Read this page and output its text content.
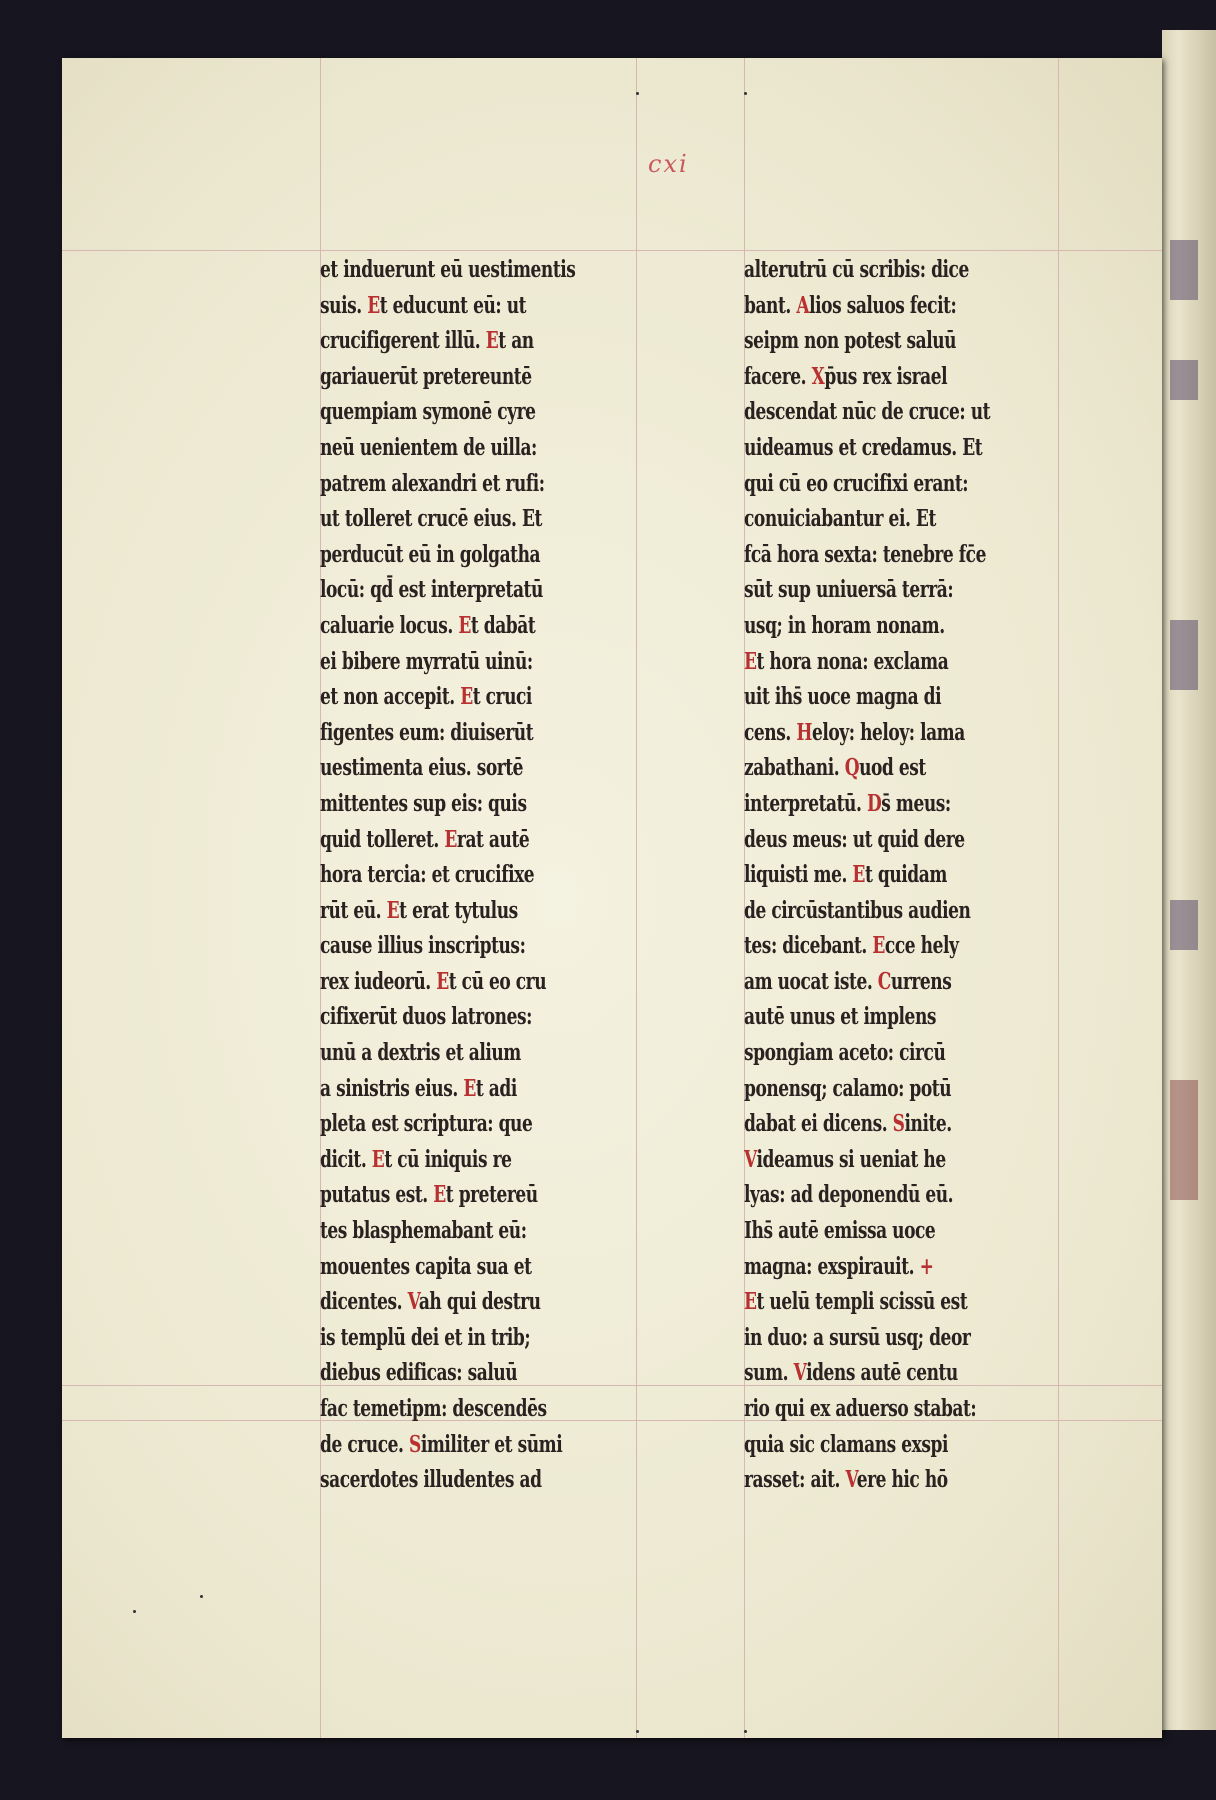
cxi
et induerunt eū uestimentis
suis. Et educunt eū: ut
crucifigerent illū. Et an
gariauerūt pretereuntē
quempiam symonē cyre
neū uenientem de uilla:
patrem alexandri et rufi:
ut tolleret crucē eius. Et
perducūt eū in golgatha
locū: qd̄ est interpretatū
caluarie locus. Et dabāt
ei bibere myrratū uinū:
et non accepit. Et cruci
figentes eum: diuiserūt
uestimenta eius. sortē
mittentes sup eis: quis
quid tolleret. Erat autē
hora tercia: et crucifixe
rūt eū. Et erat tytulus
cause illius inscriptus:
rex iudeorū. Et cū eo cru
cifixerūt duos latrones:
unū a dextris et alium
a sinistris eius. Et adi
pleta est scriptura: que
dicit. Et cū iniquis re
putatus est. Et pretereū
tes blasphemabant eū:
mouentes capita sua et
dicentes. Vah qui destru
is templū dei et in trib;
diebus edificas: saluū
fac temetipm: descendēs
de cruce. Similiter et sūmi
sacerdotes illudentes ad
alterutrū cū scribis: dice
bant. Alios saluos fecit:
seipm non potest saluū
facere. Xp̄us rex israel
descendat nūc de cruce: ut
uideamus et credamus. Et
qui cū eo crucifixi erant:
conuiciabantur ei. Et
fcā hora sexta: tenebre fc̄e
sūt sup uniuersā terrā:
usq; in horam nonam.
Et hora nona: exclama
uit ihs̄ uoce magna di
cens. Heloy: heloy: lama
zabathani. Quod est
interpretatū. Ds̄ meus:
deus meus: ut quid dere
liquisti me. Et quidam
de circūstantibus audien
tes: dicebant. Ecce hely
am uocat iste. Currens
autē unus et implens
spongiam aceto: circū
ponensq; calamo: potū
dabat ei dicens. Sinite.
Videamus si ueniat he
lyas: ad deponendū eū.
Ihs̄ autē emissa uoce
magna: exspirauit. +
Et uelū templi scissū est
in duo: a sursū usq; deor
sum. Videns autē centu
rio qui ex aduerso stabat:
quia sic clamans exspi
rasset: ait. Vere hic hō
